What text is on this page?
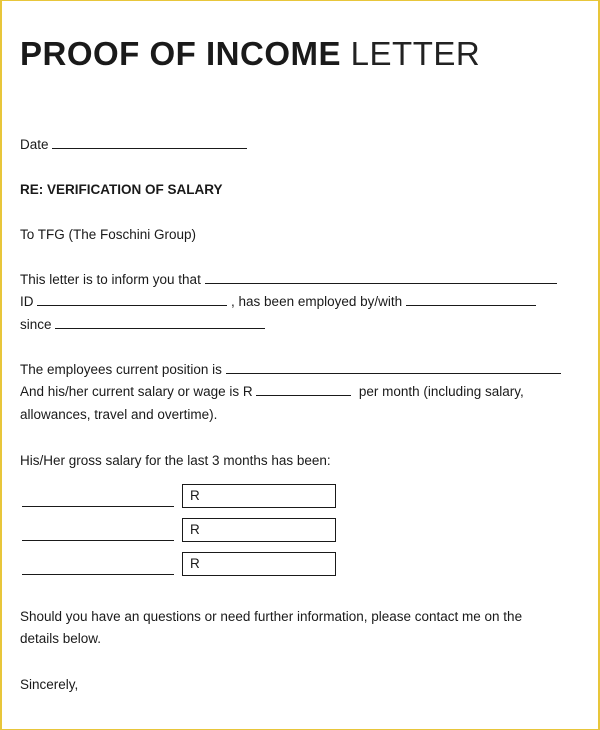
PROOF OF INCOME LETTER
Date
RE: VERIFICATION OF SALARY
To TFG (The Foschini Group)
This letter is to inform you that
ID	, has been employed by/with
since
The employees current position is
And his/her current salary or wage is R	per month (including salary,
allowances, travel and overtime).
His/Her gross salary for the last 3 months has been:
R
R
R
Should you have an questions or need further information, please contact me on the
details below.
Sincerely,
